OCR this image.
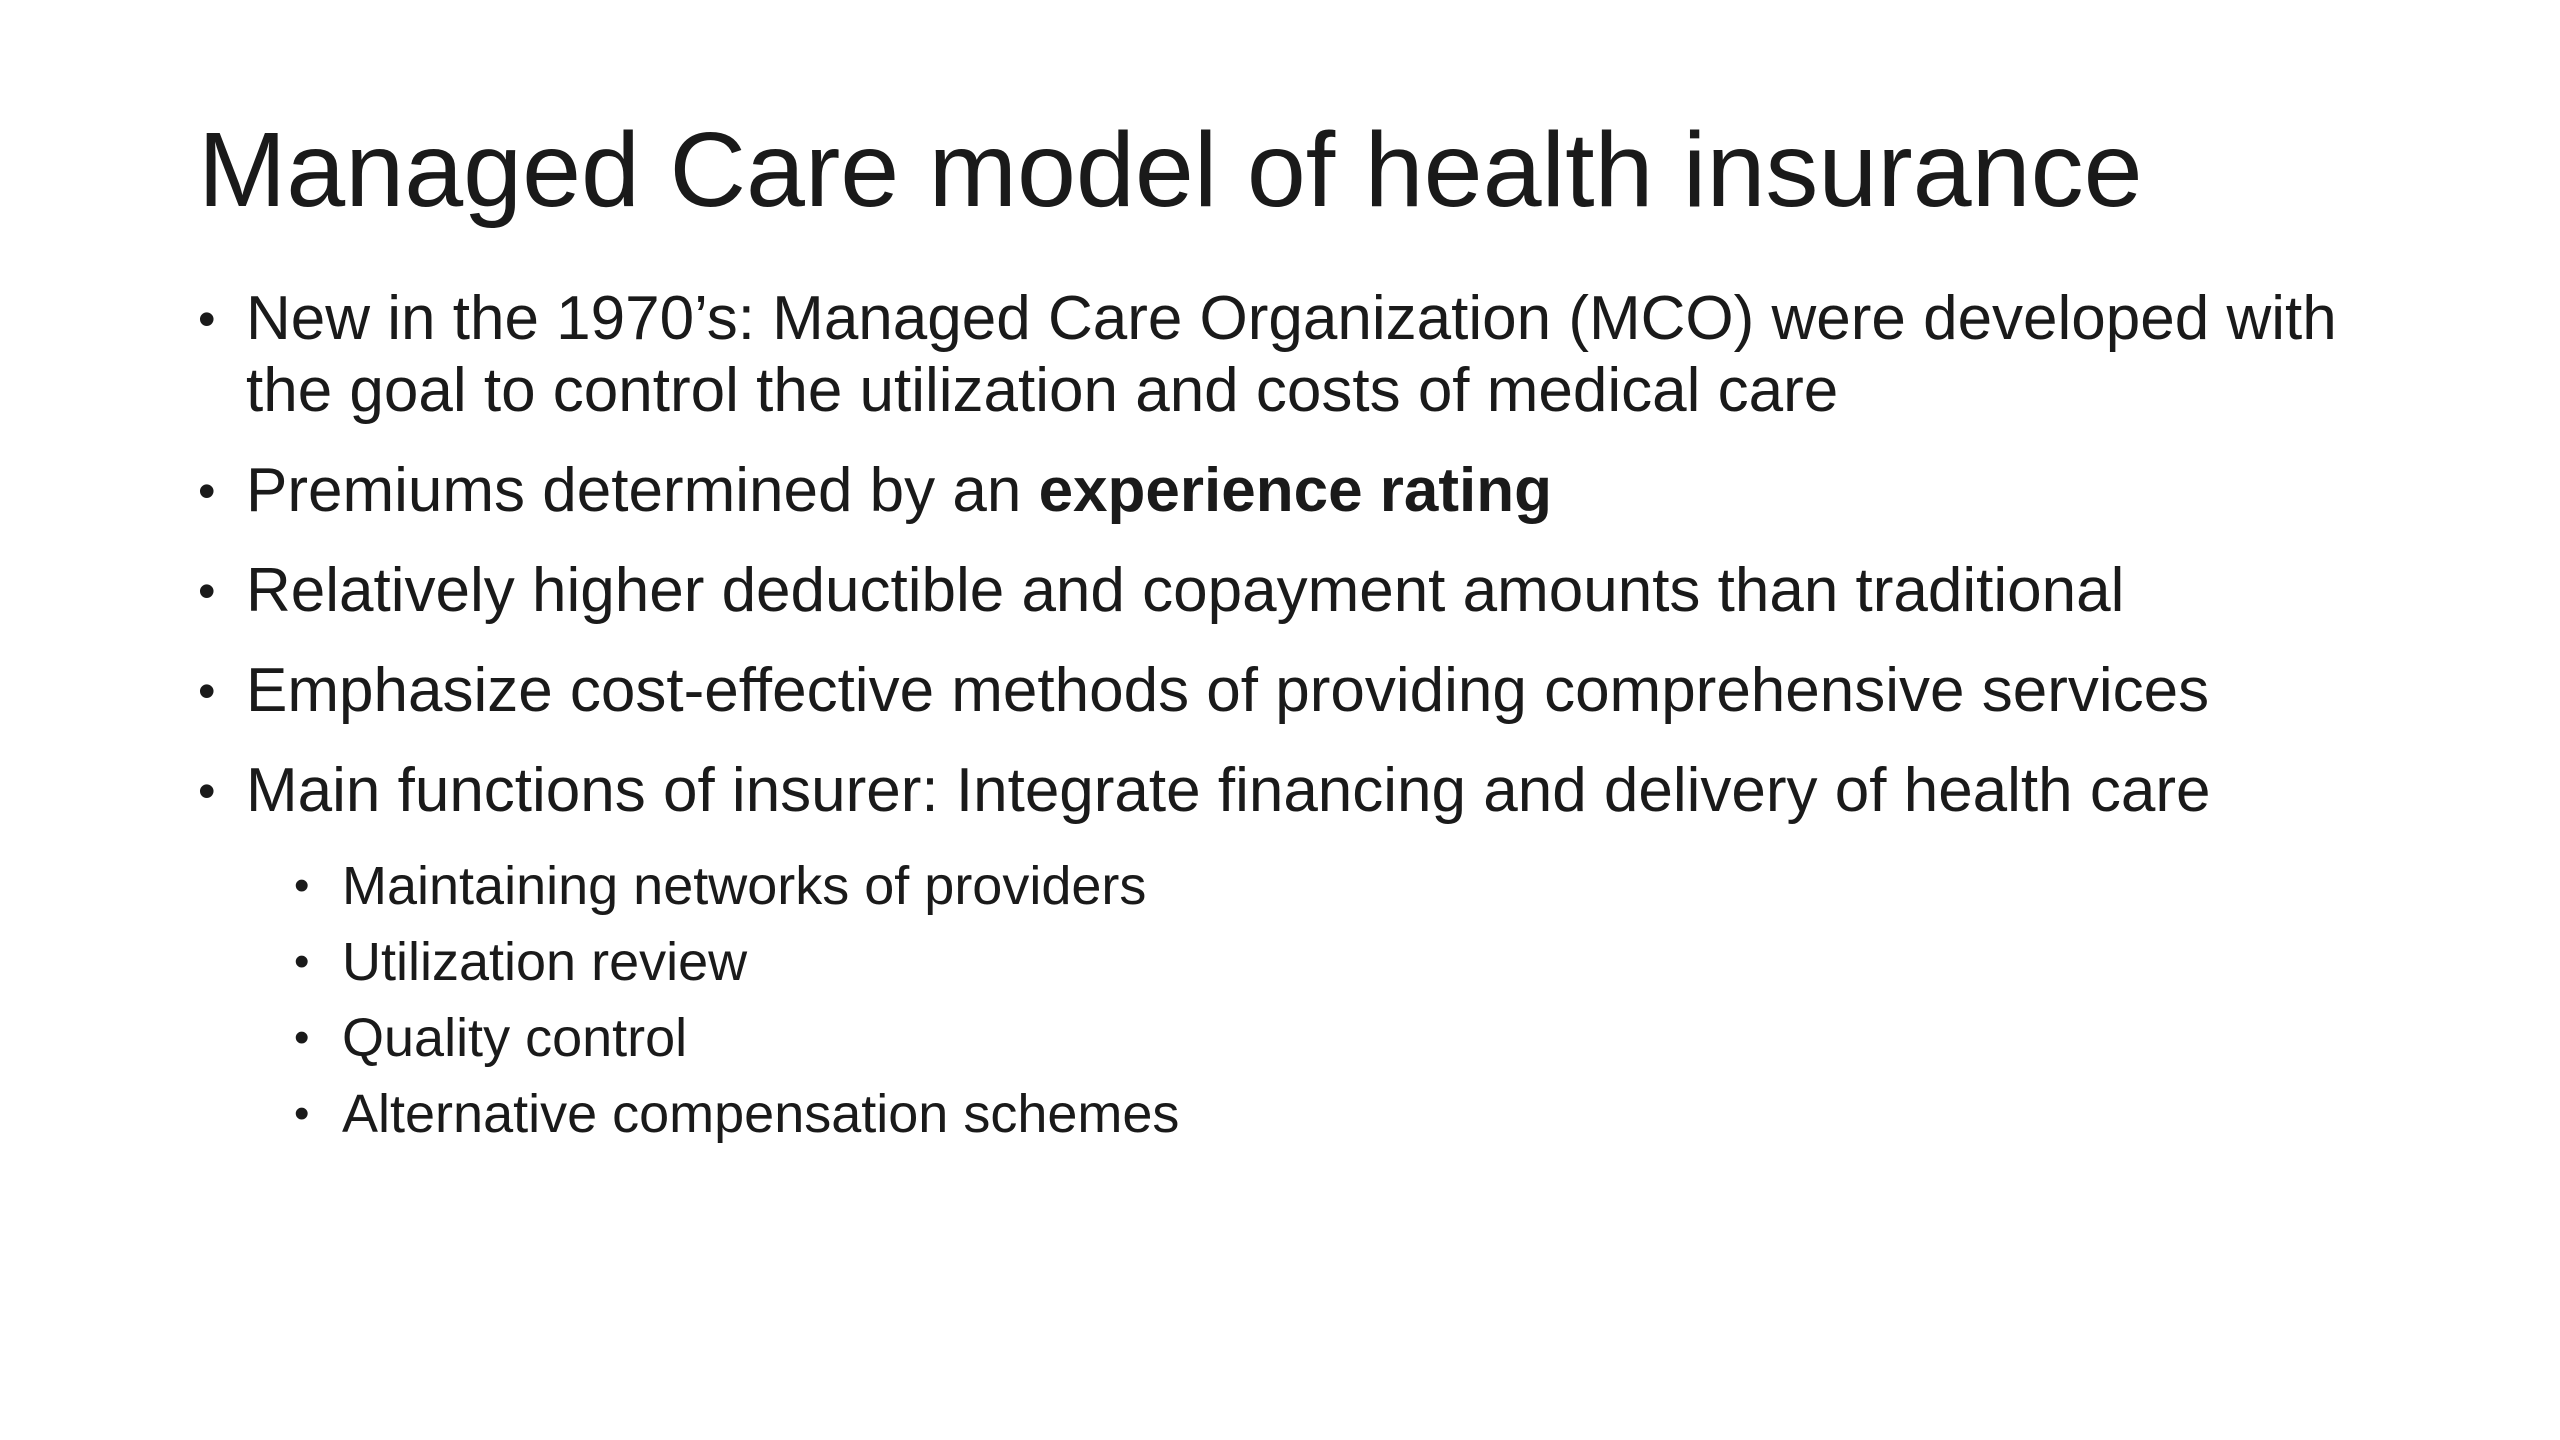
Managed Care model of health insurance
• New in the 1970’s: Managed Care Organization (MCO) were developed with the goal to control the utilization and costs of medical care
• Premiums determined by an experience rating
• Relatively higher deductible and copayment amounts than traditional
• Emphasize cost-effective methods of providing comprehensive services
• Main functions of insurer: Integrate financing and delivery of health care
• Maintaining networks of providers
• Utilization review
• Quality control
• Alternative compensation schemes
